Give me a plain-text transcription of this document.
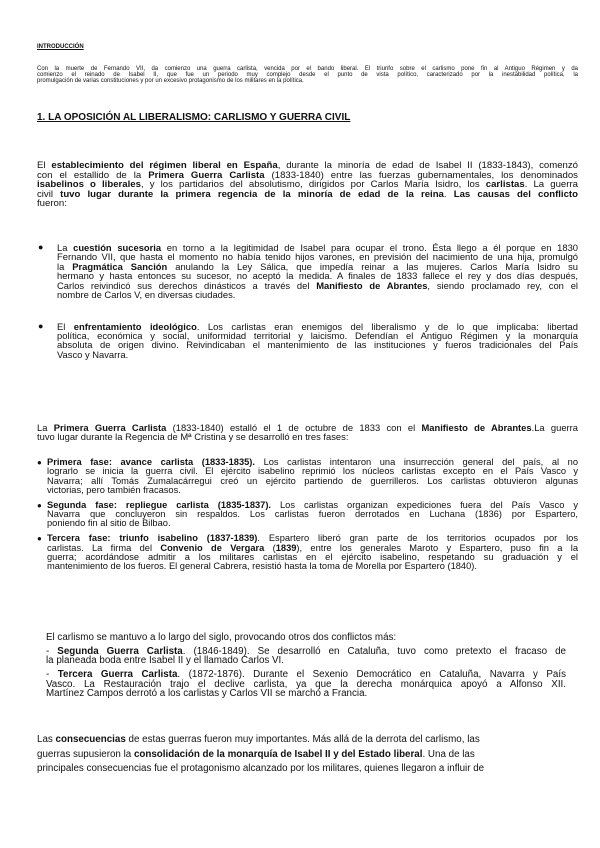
INTRODUCCIÓN
Con la muerte de Fernando VII, da comienzo una guerra carlista, vencida por el bando liberal. El triunfo sobre el carlismo pone fin al Antiguo Régimen y da
comienzo el reinado de Isabel II, que fue un periodo muy complejo desde el punto de vista político, caracterizado por la inestabilidad política, la
promulgación de varias constituciones y por un excesivo protagonismo de los militares en la política.
1. LA OPOSICIÓN AL LIBERALISMO: CARLISMO Y GUERRA CIVIL
El establecimiento del régimen liberal en España, durante la minoría de edad de Isabel II (1833-1843), comenzó
con el estallido de la Primera Guerra Carlista (1833-1840) entre las fuerzas gubernamentales, los denominados
isabelinos o liberales, y los partidarios del absolutismo, dirigidos por Carlos María Isidro, los carlistas. La guerra
civil tuvo lugar durante la primera regencia de la minoría de edad de la reina. Las causas del conflicto
fueron:
● La cuestión sucesoria en torno a la legitimidad de Isabel para ocupar el trono. Ésta llego a él porque en 1830
Fernando VII, que hasta el momento no había tenido hijos varones, en previsión del nacimiento de una hija, promulgó
la Pragmática Sanción anulando la Ley Sálica, que impedía reinar a las mujeres. Carlos María Isidro su
hermano y hasta entonces su sucesor, no aceptó la medida. A finales de 1833 fallece el rey y dos días después,
Carlos reivindicó sus derechos dinásticos a través del Manifiesto de Abrantes, siendo proclamado rey, con el
nombre de Carlos V, en diversas ciudades.
● El enfrentamiento ideológico. Los carlistas eran enemigos del liberalismo y de lo que implicaba: libertad
política, económica y social, uniformidad territorial y laicismo. Defendían el Antiguo Régimen y la monarquía
absoluta de origen divino. Reivindicaban el mantenimiento de las instituciones y fueros tradicionales del País
Vasco y Navarra.
La Primera Guerra Carlista (1833-1840) estalló el 1 de octubre de 1833 con el Manifiesto de Abrantes.La guerra
tuvo lugar durante la Regencia de Mª Cristina y se desarrolló en tres fases:
● Primera fase: avance carlista (1833-1835). Los carlistas intentaron una insurrección general del país, al no
lograrlo se inicia la guerra civil. El ejército isabelino reprimió los núcleos carlistas excepto en el País Vasco y
Navarra; allí Tomás Zumalacárregui creó un ejército partiendo de guerrilleros. Los carlistas obtuvieron algunas
victorias, pero también fracasos.
● Segunda fase: repliegue carlista (1835-1837). Los carlistas organizan expediciones fuera del País Vasco y
Navarra que concluyeron sin respaldos. Los carlistas fueron derrotados en Luchana (1836) por Espartero,
poniendo fin al sitio de Bilbao.
● Tercera fase: triunfo isabelino (1837-1839). Espartero liberó gran parte de los territorios ocupados por los
carlistas. La firma del Convenio de Vergara (1839), entre los generales Maroto y Espartero, puso fin a la
guerra; acordándose admitir a los militares carlistas en el ejército isabelino, respetando su graduación y el
mantenimiento de los fueros. El general Cabrera, resistió hasta la toma de Morella por Espartero (1840).
El carlismo se mantuvo a lo largo del siglo, provocando otros dos conflictos más:
- Segunda Guerra Carlista. (1846-1849). Se desarrolló en Cataluña, tuvo como pretexto el fracaso de
la planeada boda entre Isabel II y el llamado Carlos VI.
- Tercera Guerra Carlista. (1872-1876). Durante el Sexenio Democrático en Cataluña, Navarra y País
Vasco. La Restauración trajo el declive carlista, ya que la derecha monárquica apoyó a Alfonso XII.
Martínez Campos derrotó a los carlistas y Carlos VII se marchó a Francia.
Las consecuencias de estas guerras fueron muy importantes. Más allá de la derrota del carlismo, las
guerras supusieron la consolidación de la monarquía de Isabel II y del Estado liberal. Una de las
principales consecuencias fue el protagonismo alcanzado por los militares, quienes llegaron a influir de
